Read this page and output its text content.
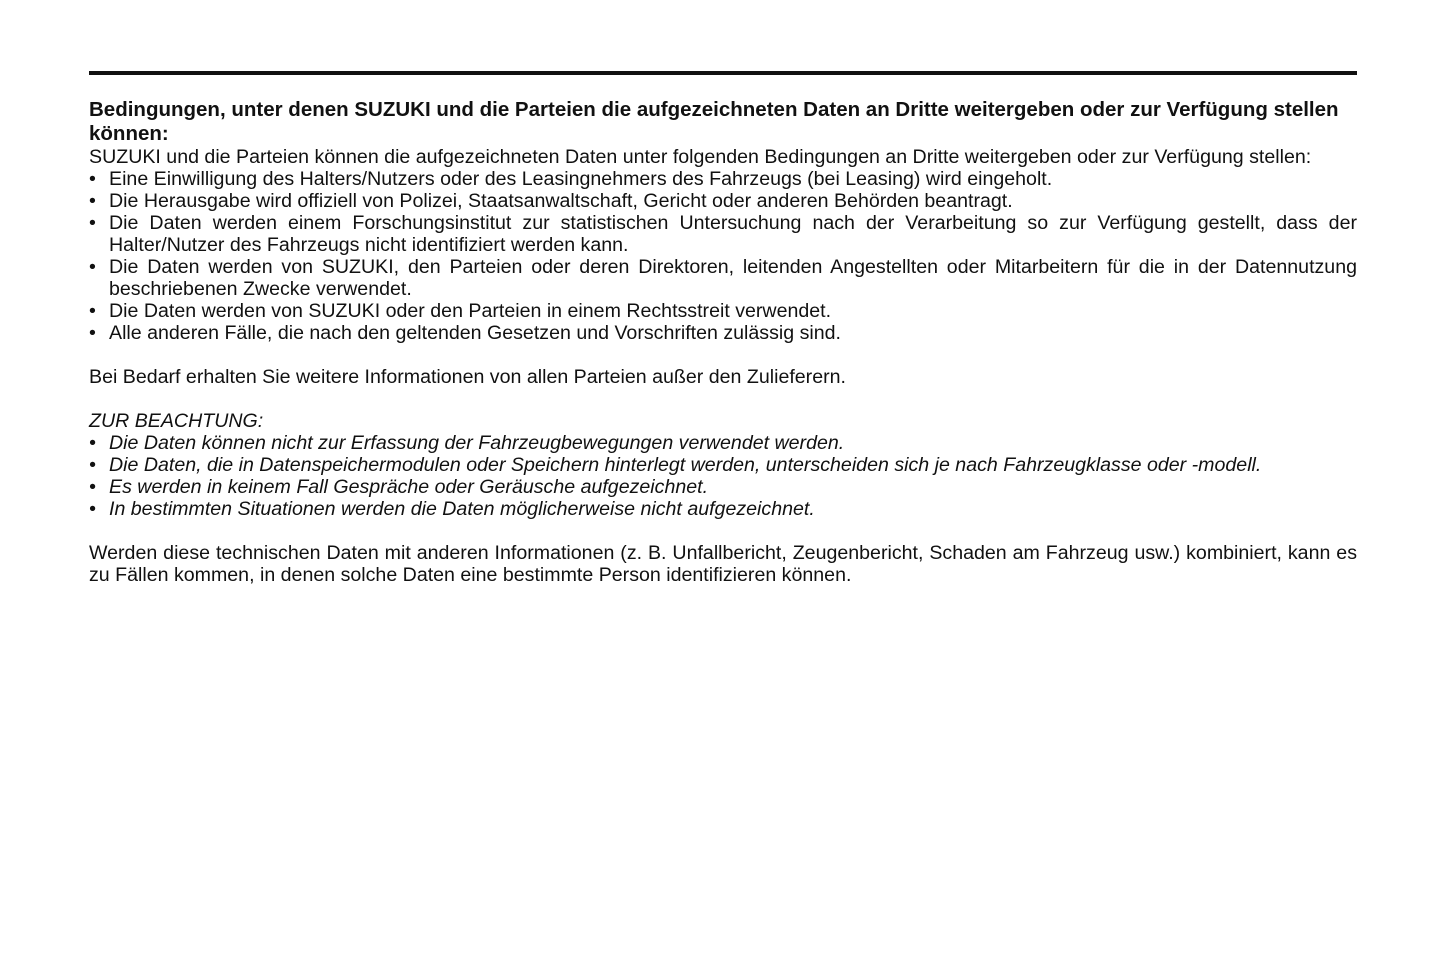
Bedingungen, unter denen SUZUKI und die Parteien die aufgezeichneten Daten an Dritte weitergeben oder zur Verfügung stellen können:

SUZUKI und die Parteien können die aufgezeichneten Daten unter folgenden Bedingungen an Dritte weitergeben oder zur Verfügung stellen:

• Eine Einwilligung des Halters/Nutzers oder des Leasingnehmers des Fahrzeugs (bei Leasing) wird eingeholt.
• Die Herausgabe wird offiziell von Polizei, Staatsanwaltschaft, Gericht oder anderen Behörden beantragt.
• Die Daten werden einem Forschungsinstitut zur statistischen Untersuchung nach der Verarbeitung so zur Verfügung gestellt, dass der Halter/Nutzer des Fahrzeugs nicht identifiziert werden kann.
• Die Daten werden von SUZUKI, den Parteien oder deren Direktoren, leitenden Angestellten oder Mitarbeitern für die in der Datennutzung beschriebenen Zwecke verwendet.
• Die Daten werden von SUZUKI oder den Parteien in einem Rechtsstreit verwendet.
• Alle anderen Fälle, die nach den geltenden Gesetzen und Vorschriften zulässig sind.

Bei Bedarf erhalten Sie weitere Informationen von allen Parteien außer den Zulieferern.

ZUR BEACHTUNG:

• Die Daten können nicht zur Erfassung der Fahrzeugbewegungen verwendet werden.
• Die Daten, die in Datenspeichermodulen oder Speichern hinterlegt werden, unterscheiden sich je nach Fahrzeugklasse oder -modell.
• Es werden in keinem Fall Gespräche oder Geräusche aufgezeichnet.
• In bestimmten Situationen werden die Daten möglicherweise nicht aufgezeichnet.

Werden diese technischen Daten mit anderen Informationen (z. B. Unfallbericht, Zeugenbericht, Schaden am Fahrzeug usw.) kombiniert, kann es zu Fällen kommen, in denen solche Daten eine bestimmte Person identifizieren können.
